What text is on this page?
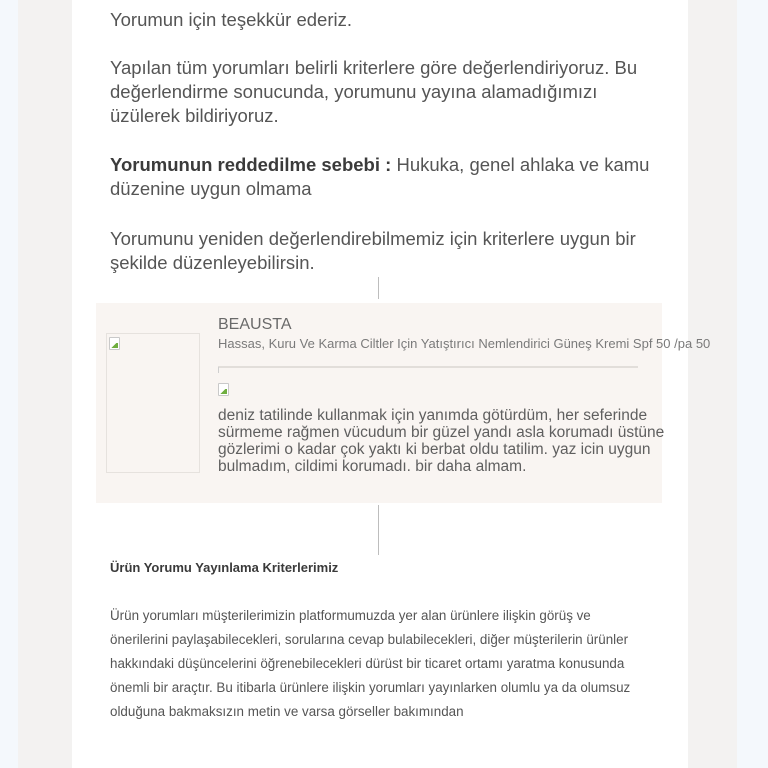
Yorumun için teşekkür ederiz.

Yapılan tüm yorumları belirli kriterlere göre değerlendiriyoruz. Bu değerlendirme sonucunda, yorumunu yayına alamadığımızı üzülerek bildiriyoruz.

Yorumunun reddedilme sebebi : Hukuka, genel ahlaka ve kamu düzenine uygun olmama

Yorumunu yeniden değerlendirebilmemiz için kriterlere uygun bir şekilde düzenleyebilirsin.

BEAUSTA
Hassas, Kuru Ve Karma Ciltler Için Yatıştırıcı Nemlendirici Güneş Kremi Spf 50 /pa 50

deniz tatilinde kullanmak için yanımda götürdüm, her seferinde sürmeme rağmen vücudum bir güzel yandı asla korumadı üstüne gözlerimi o kadar çok yaktı ki berbat oldu tatilim. yaz icin uygun bulmadım, cildimi korumadı. bir daha almam.

Ürün Yorumu Yayınlama Kriterlerimiz

Ürün yorumları müşterilerimizin platformumuzda yer alan ürünlere ilişkin görüş ve önerilerini paylaşabilecekleri, sorularına cevap bulabilecekleri, diğer müşterilerin ürünler hakkındaki düşüncelerini öğrenebilecekleri dürüst bir ticaret ortamı yaratma konusunda önemli bir araçtır. Bu itibarla ürünlere ilişkin yorumları yayınlarken olumlu ya da olumsuz olduğuna bakmaksızın metin ve varsa görseller bakımından
